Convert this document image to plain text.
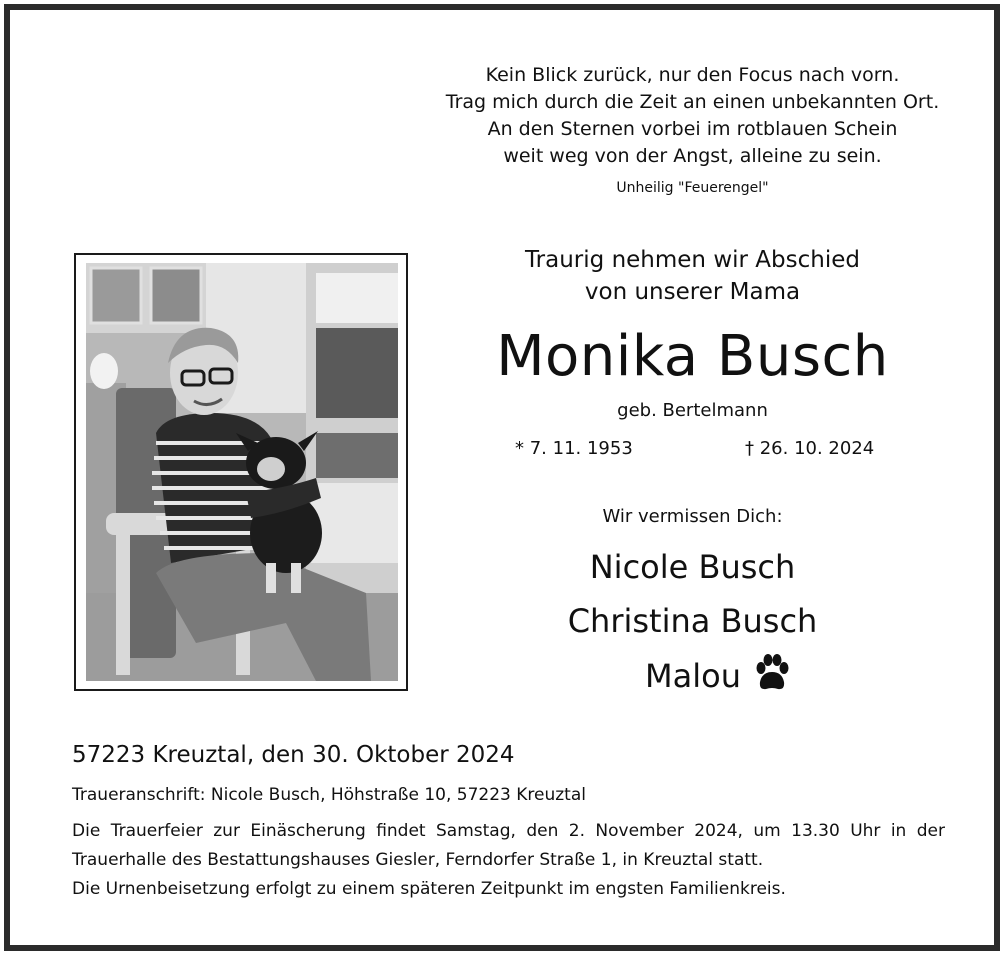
Kein Blick zurück, nur den Focus nach vorn.
Trag mich durch die Zeit an einen unbekannten Ort.
An den Sternen vorbei im rotblauen Schein
weit weg von der Angst, alleine zu sein.
Unheilig "Feuerengel"
Traurig nehmen wir Abschied
von unserer Mama
Monika Busch
geb. Bertelmann
* 7. 11. 1953	† 26. 10. 2024
Wir vermissen Dich:
Nicole Busch
Christina Busch
Malou
57223 Kreuztal, den 30. Oktober 2024
Traueranschrift: Nicole Busch, Höhstraße 10, 57223 Kreuztal
Die Trauerfeier zur Einäscherung findet Samstag, den 2. November 2024, um 13.30 Uhr in der Trauerhalle des Bestattungshauses Giesler, Ferndorfer Straße 1, in Kreuztal statt.
Die Urnenbeisetzung erfolgt zu einem späteren Zeitpunkt im engsten Familienkreis.
